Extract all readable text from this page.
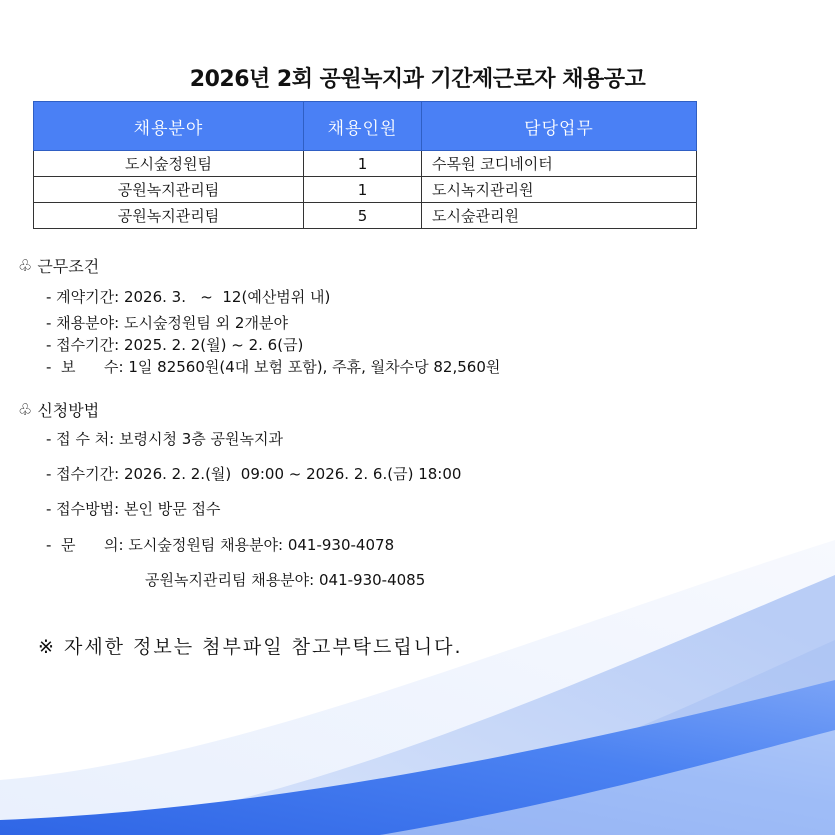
2026년 2회 공원녹지과 기간제근로자 채용공고
채용분야	채용인원	담당업무
도시숲정원팀	1	수목원 코디네이터
공원녹지관리팀	1	도시녹지관리원
공원녹지관리팀	5	도시숲관리원
♧ 근무조건
- 계약기간: 2026. 3.   ~  12(예산범위 내)
- 채용분야: 도시숲정원팀 외 2개분야
- 접수기간: 2025. 2. 2(월) ~ 2. 6(금)
-  보      수: 1일 82560원(4대 보험 포함), 주휴, 월차수당 82,560원
♧ 신청방법
- 접 수 처: 보령시청 3층 공원녹지과
- 접수기간: 2026. 2. 2.(월)  09:00 ~ 2026. 2. 6.(금) 18:00
- 접수방법: 본인 방문 접수
-  문      의: 도시숲정원팀 채용분야: 041-930-4078
공원녹지관리팀 채용분야: 041-930-4085
※ 자세한 정보는 첨부파일 참고부탁드립니다.
